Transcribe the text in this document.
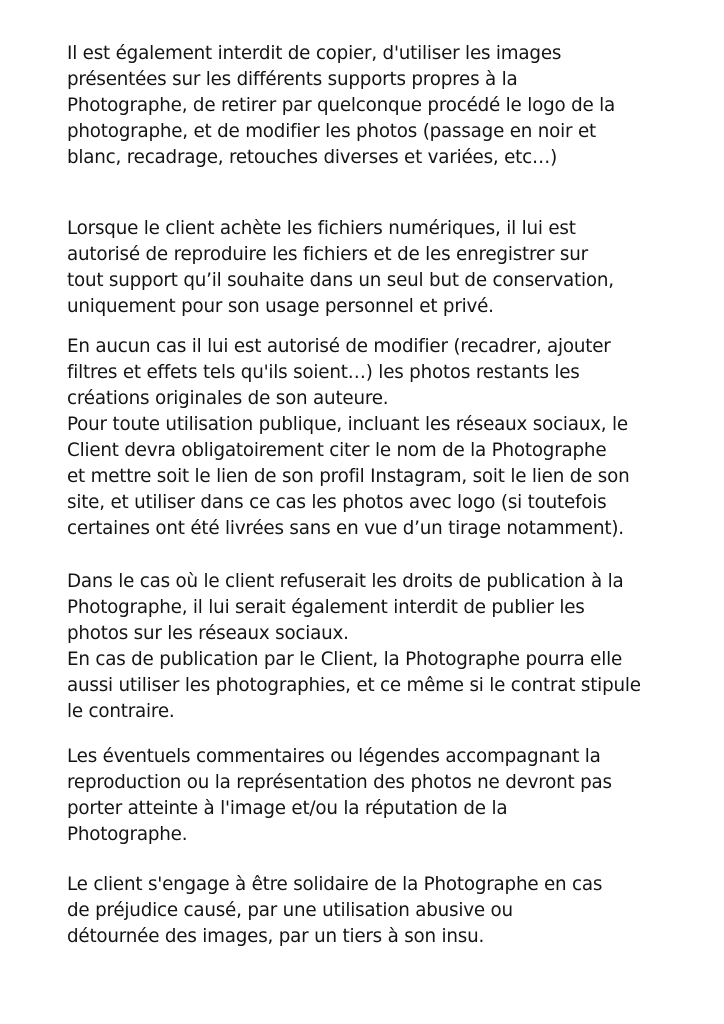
Il est également interdit de copier, d'utiliser les images
présentées sur les différents supports propres à la
Photographe, de retirer par quelconque procédé le logo de la
photographe, et de modifier les photos (passage en noir et
blanc, recadrage, retouches diverses et variées, etc…)
Lorsque le client achète les fichiers numériques, il lui est
autorisé de reproduire les fichiers et de les enregistrer sur
tout support qu’il souhaite dans un seul but de conservation,
uniquement pour son usage personnel et privé.
En aucun cas il lui est autorisé de modifier (recadrer, ajouter
filtres et effets tels qu'ils soient…) les photos restants les
créations originales de son auteure.
Pour toute utilisation publique, incluant les réseaux sociaux, le
Client devra obligatoirement citer le nom de la Photographe
et mettre soit le lien de son profil Instagram, soit le lien de son
site, et utiliser dans ce cas les photos avec logo (si toutefois
certaines ont été livrées sans en vue d’un tirage notamment).
Dans le cas où le client refuserait les droits de publication à la
Photographe, il lui serait également interdit de publier les
photos sur les réseaux sociaux.
En cas de publication par le Client, la Photographe pourra elle
aussi utiliser les photographies, et ce même si le contrat stipule
le contraire.
Les éventuels commentaires ou légendes accompagnant la
reproduction ou la représentation des photos ne devront pas
porter atteinte à l'image et/ou la réputation de la
Photographe.
Le client s'engage à être solidaire de la Photographe en cas
de préjudice causé, par une utilisation abusive ou
détournée des images, par un tiers à son insu.
